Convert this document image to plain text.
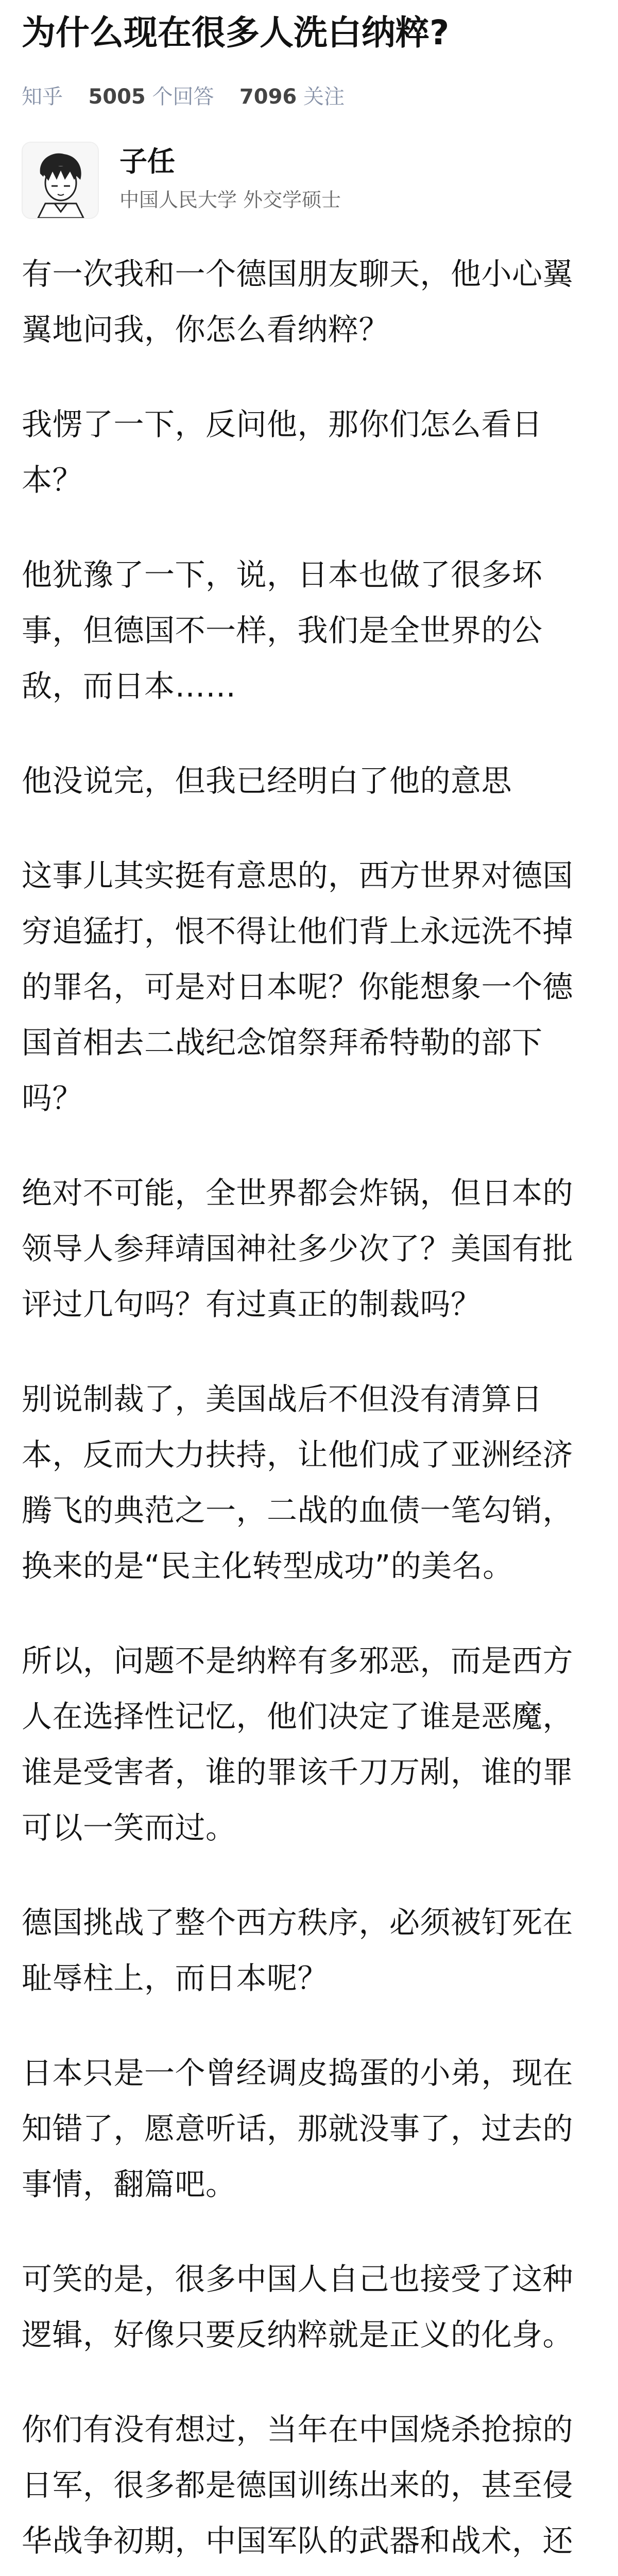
为什么现在很多人洗白纳粹?
知乎 5005 个回答 7096 关注
子任
中国人民大学 外交学硕士

有一次我和一个德国朋友聊天，他小心翼翼地问我，你怎么看纳粹？

我愣了一下，反问他，那你们怎么看日本？

他犹豫了一下，说，日本也做了很多坏事，但德国不一样，我们是全世界的公敌，而日本……

他没说完，但我已经明白了他的意思

这事儿其实挺有意思的，西方世界对德国穷追猛打，恨不得让他们背上永远洗不掉的罪名，可是对日本呢？你能想象一个德国首相去二战纪念馆祭拜希特勒的部下吗？

绝对不可能，全世界都会炸锅，但日本的领导人参拜靖国神社多少次了？美国有批评过几句吗？有过真正的制裁吗？

别说制裁了，美国战后不但没有清算日本，反而大力扶持，让他们成了亚洲经济腾飞的典范之一，二战的血债一笔勾销，换来的是“民主化转型成功”的美名。

所以，问题不是纳粹有多邪恶，而是西方人在选择性记忆，他们决定了谁是恶魔，谁是受害者，谁的罪该千刀万剐，谁的罪可以一笑而过。

德国挑战了整个西方秩序，必须被钉死在耻辱柱上，而日本呢？

日本只是一个曾经调皮捣蛋的小弟，现在知错了，愿意听话，那就没事了，过去的事情，翻篇吧。

可笑的是，很多中国人自己也接受了这种逻辑，好像只要反纳粹就是正义的化身。

你们有没有想过，当年在中国烧杀抢掠的日军，很多都是德国训练出来的，甚至侵华战争初期，中国军队的武器和战术，还
